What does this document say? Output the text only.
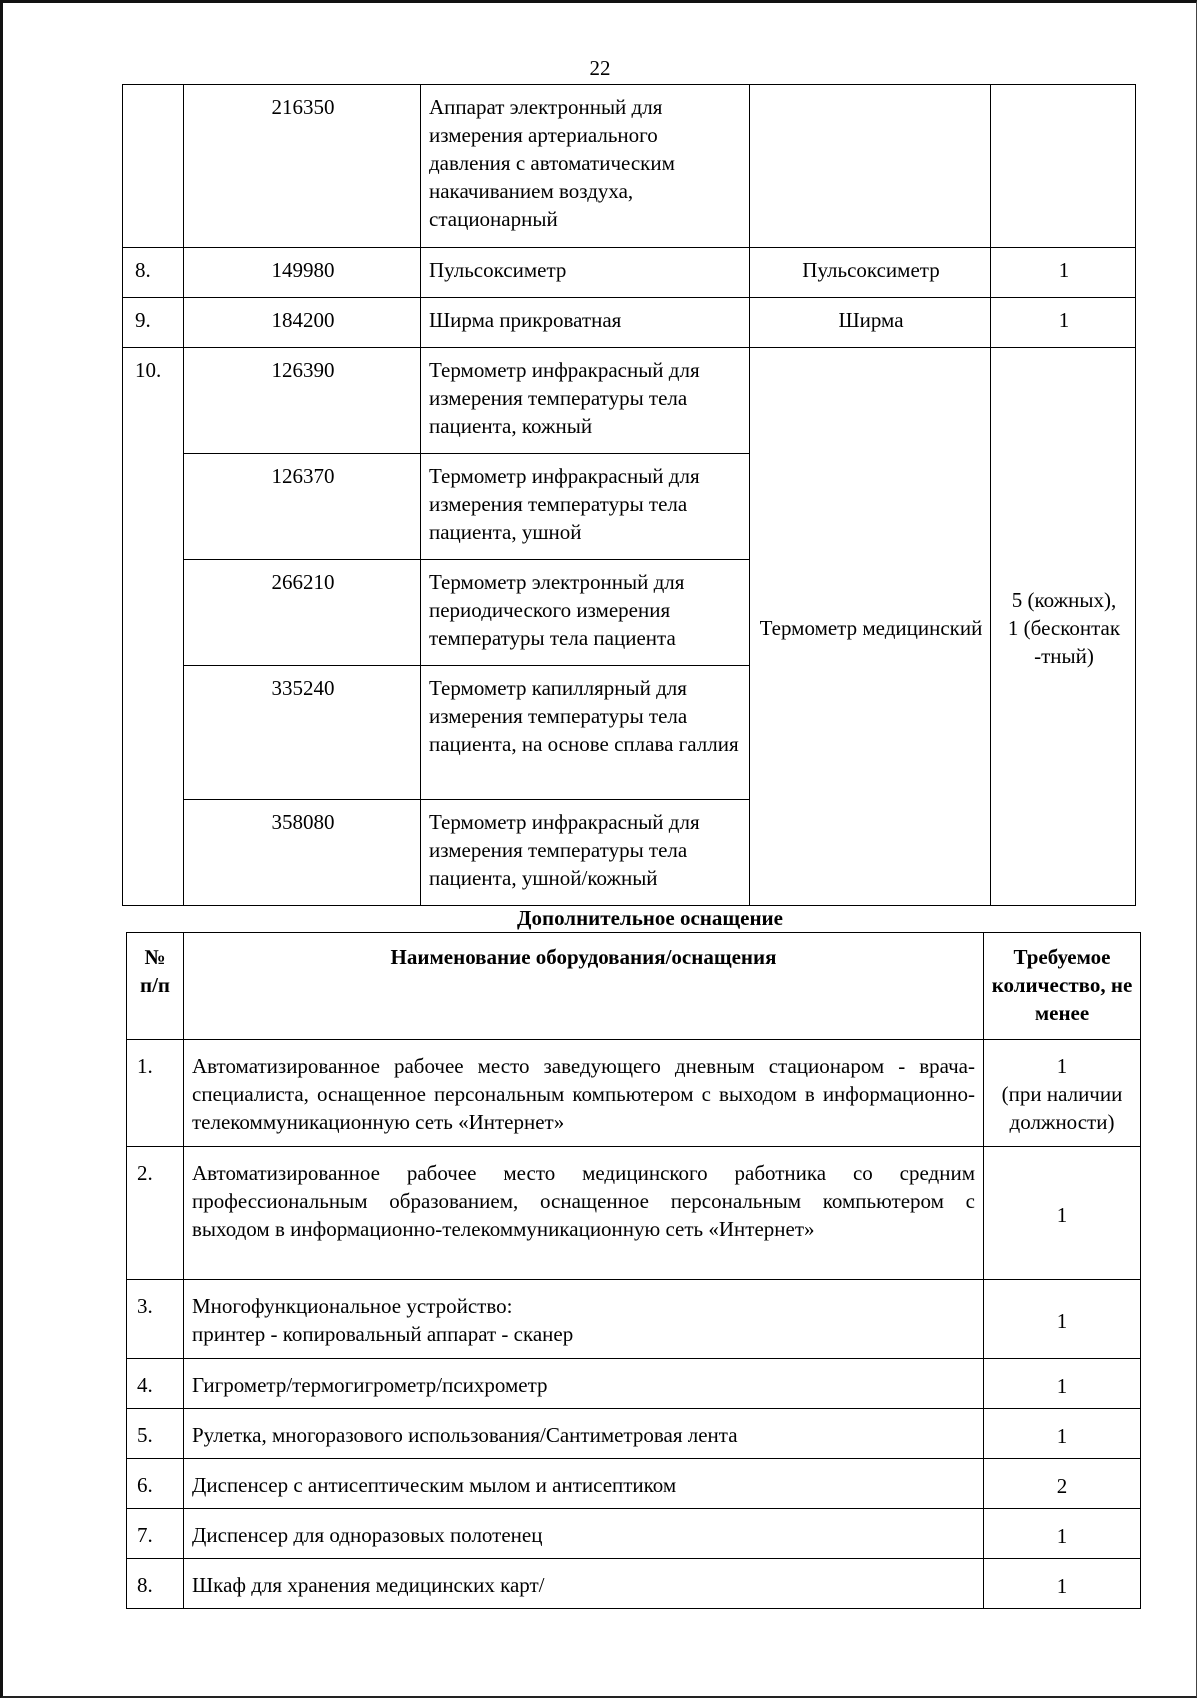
22
	216350	Аппарат электронный для измерения артериального давления с автоматическим накачиванием воздуха, стационарный		
8.	149980	Пульсоксиметр	Пульсоксиметр	1
9.	184200	Ширма прикроватная	Ширма	1
10.	126390	Термометр инфракрасный для измерения температуры тела пациента, кожный	Термометр медицинский	5 (кожных),
1 (бесконтак
-тный)

	126370	Термометр инфракрасный для измерения температуры тела пациента, ушной		
	266210	Термометр электронный для периодического измерения температуры тела пациента		
	335240	Термометр капиллярный для измерения температуры тела пациента, на основе сплава галлия		
	358080	Термометр инфракрасный для измерения температуры тела пациента, ушной/кожный		
Дополнительное оснащение
№
п/п	Наименование оборудования/оснащения	Требуемое количество, не менее
1.	Автоматизированное рабочее место заведующего дневным стационаром - врача-специалиста, оснащенное персональным компьютером с выходом в информационно-телекоммуникационную сеть «Интернет»	1
(при наличии должности)

2.	Автоматизированное рабочее место медицинского работника со средним профессиональным образованием, оснащенное персональным компьютером с выходом в информационно-телекоммуникационную сеть «Интернет»	1
3.	Многофункциональное устройство:
принтер - копировальный аппарат - сканер	1
4.	Гигрометр/термогигрометр/психрометр	1
5.	Рулетка, многоразового использования/Сантиметровая лента	1
6.	Диспенсер с антисептическим мылом и антисептиком	2
7.	Диспенсер для одноразовых полотенец	1
8.	Шкаф для хранения медицинских карт/	1
